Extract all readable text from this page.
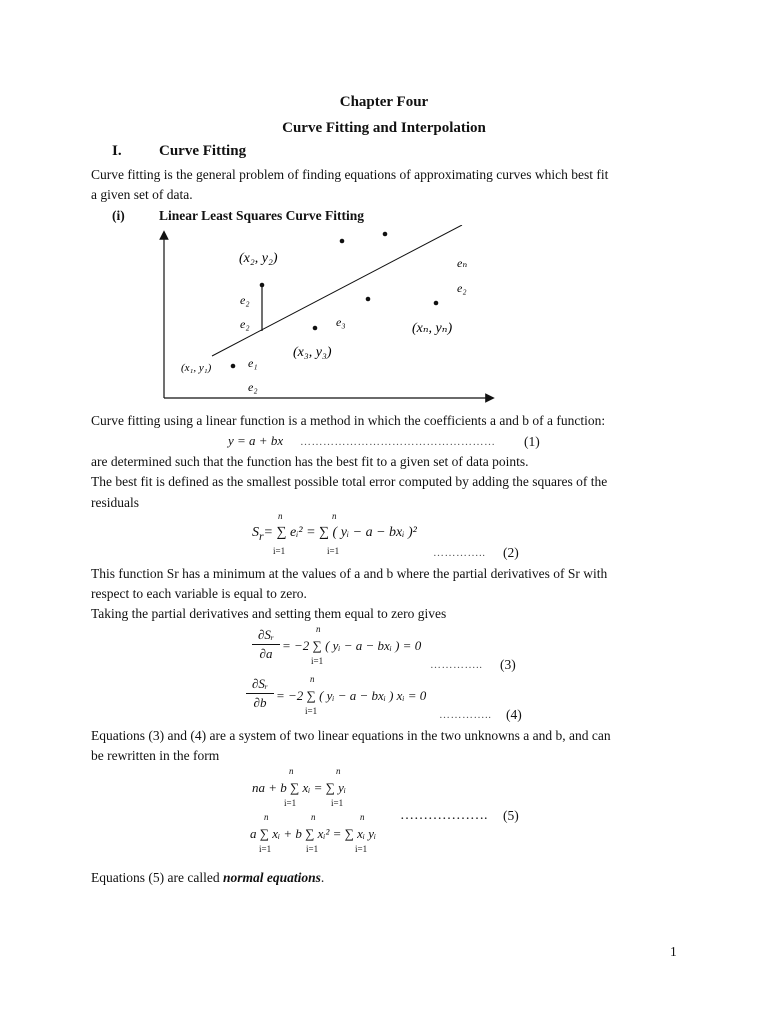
Chapter Four
Curve Fitting and Interpolation
I. Curve Fitting
Curve fitting is the general problem of finding equations of approximating curves which best fit
a given set of data.
(i)	Linear Least Squares Curve Fitting
(x₁, y₁)
(x₂, y₂)
(x₃, y₃)
(xₙ, yₙ)
e₁
e₂
e₂
e₂	e₃
eₙ
e₂
Curve fitting using a linear function is a method in which the coefficients a and b of a function:
y = a + bx …………………………………………… (1)
are determined such that the function has the best fit to a given set of data points.
The best fit is defined as the smallest possible total error computed by adding the squares of the
residuals
$S_r=$ ∑ eᵢ² = ∑ ( yᵢ − a − bxᵢ )²
n
i=1
n
i=1	………….. (2)
This function Sr has a minimum at the values of a and b where the partial derivatives of Sr with
respect to each variable is equal to zero.
Taking the partial derivatives and setting them equal to zero gives
∂Sᵣ
∂a
= −2 ∑ ( yᵢ − a − bxᵢ ) = 0
n
i=1	………….. (3)
∂Sᵣ
∂b = −2 ∑ ( yᵢ − a − bxᵢ ) xᵢ = 0
n
i=1	………….. (4)
Equations (3) and (4) are a system of two linear equations in the two unknowns a and b, and can
be rewritten in the form
na + b ∑ xᵢ = ∑ yᵢ
n
i=1
n
i=1
a ∑ xᵢ + b ∑ xᵢ² = ∑ xᵢ yᵢ
n
i=1
n
i=1
n
i=1
………………. (5)
Equations (5) are called normal equations.
1
